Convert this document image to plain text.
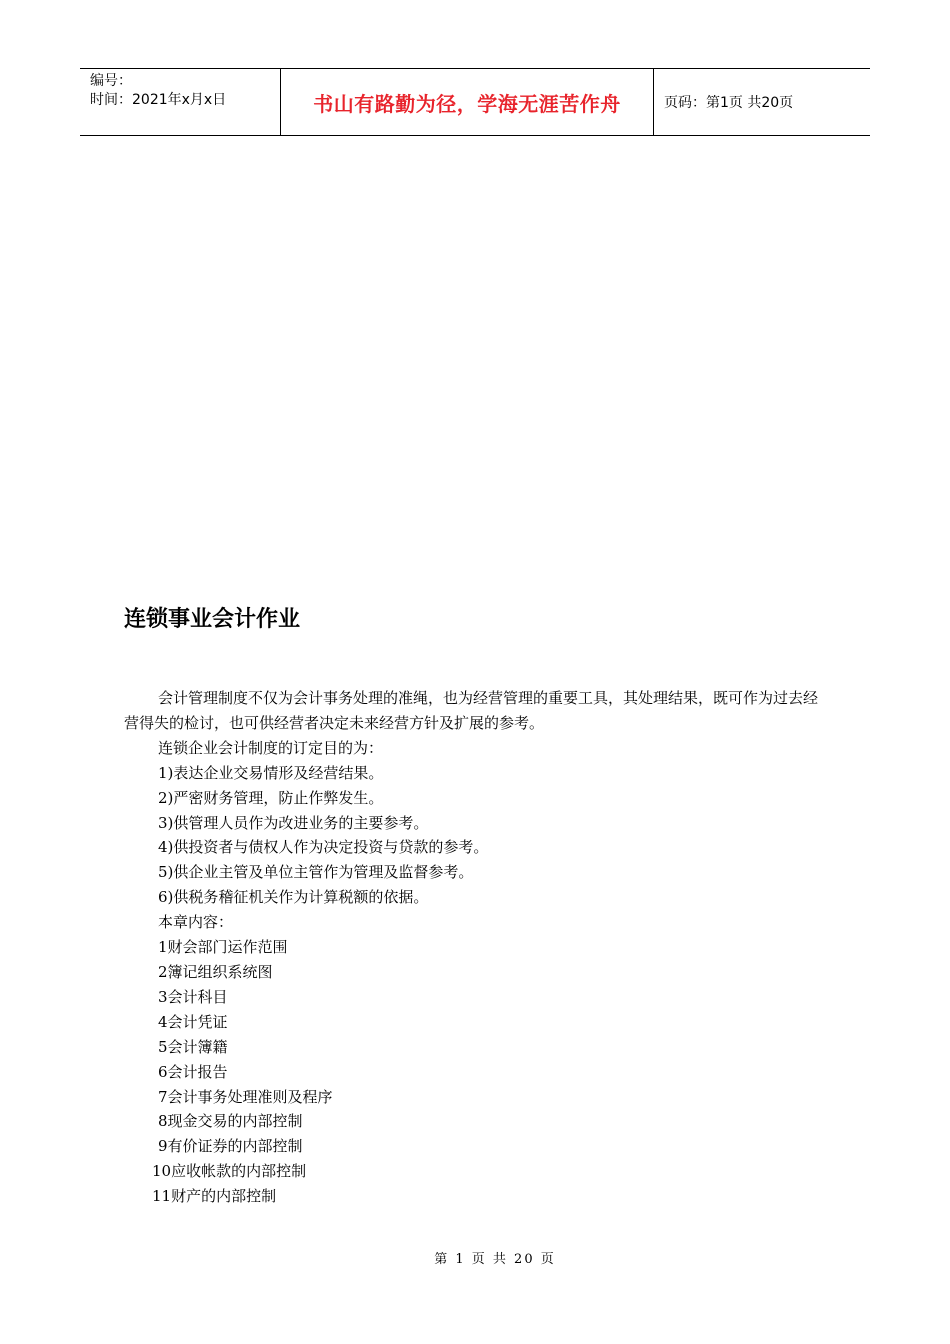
编号：
时间：2021年x月x日	书山有路勤为径，学海无涯苦作舟	页码：第1页 共20页
连锁事业会计作业

会计管理制度不仅为会计事务处理的准绳，也为经营管理的重要工具，其处理结果，既可作为过去经营得失的检讨，也可供经营者决定未来经营方针及扩展的参考。

连锁企业会计制度的订定目的为：

1)表达企业交易情形及经营结果。

2)严密财务管理，防止作弊发生。

3)供管理人员作为改进业务的主要参考。

4)供投资者与债权人作为决定投资与贷款的参考。

5)供企业主管及单位主管作为管理及监督参考。

6)供税务稽征机关作为计算税额的依据。

本章内容：

1财会部门运作范围

2簿记组织系统图

3会计科目

4会计凭证

5会计簿籍

6会计报告

7会计事务处理准则及程序

8现金交易的内部控制

9有价证券的内部控制

10应收帐款的内部控制

11财产的内部控制

第 1 页 共 20 页
